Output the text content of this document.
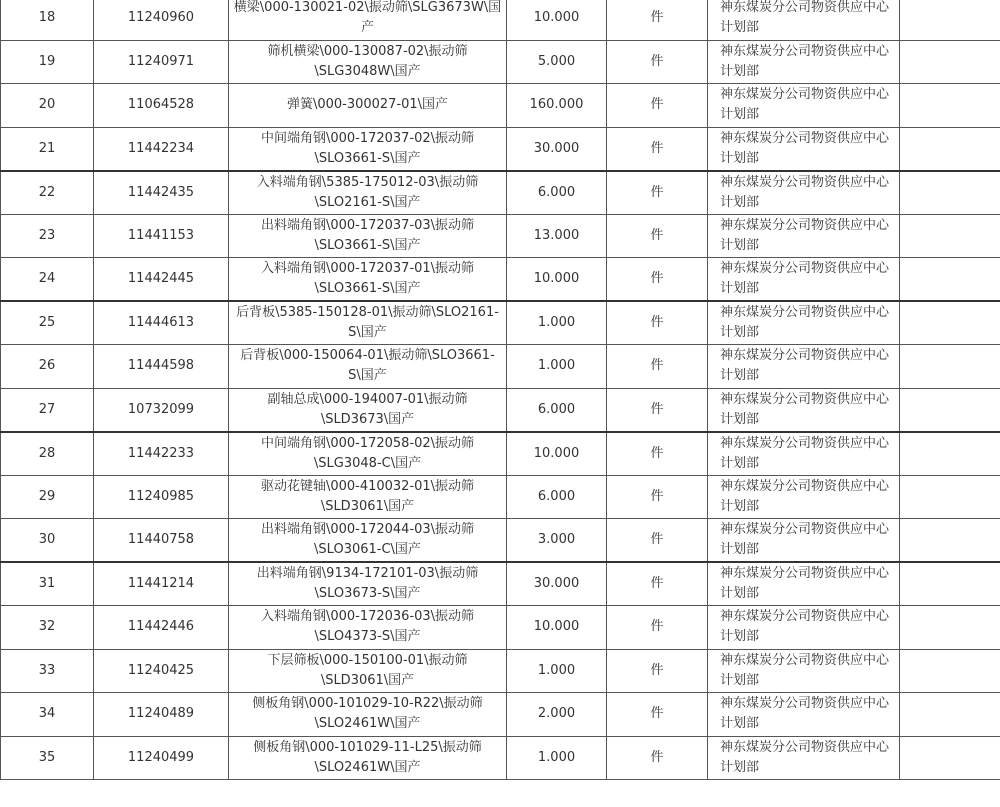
18	11240960	横梁\000-130021-02\振动筛\SLG3673W\国产	10.000	件	神东煤炭分公司物资供应中心计划部	
19	11240971	筛机横梁\000-130087-02\振动筛\SLG3048W\国产	5.000	件	神东煤炭分公司物资供应中心计划部	
20	11064528	弹簧\000-300027-01\国产	160.000	件	神东煤炭分公司物资供应中心计划部	
21	11442234	中间端角钢\000-172037-02\振动筛\SLO3661-S\国产	30.000	件	神东煤炭分公司物资供应中心计划部	
22	11442435	入料端角钢\5385-175012-03\振动筛\SLO2161-S\国产	6.000	件	神东煤炭分公司物资供应中心计划部	
23	11441153	出料端角钢\000-172037-03\振动筛\SLO3661-S\国产	13.000	件	神东煤炭分公司物资供应中心计划部	
24	11442445	入料端角钢\000-172037-01\振动筛\SLO3661-S\国产	10.000	件	神东煤炭分公司物资供应中心计划部	
25	11444613	后背板\5385-150128-01\振动筛\SLO2161-S\国产	1.000	件	神东煤炭分公司物资供应中心计划部	
26	11444598	后背板\000-150064-01\振动筛\SLO3661-S\国产	1.000	件	神东煤炭分公司物资供应中心计划部	
27	10732099	副轴总成\000-194007-01\振动筛\SLD3673\国产	6.000	件	神东煤炭分公司物资供应中心计划部	
28	11442233	中间端角钢\000-172058-02\振动筛\SLG3048-C\国产	10.000	件	神东煤炭分公司物资供应中心计划部	
29	11240985	驱动花键轴\000-410032-01\振动筛\SLD3061\国产	6.000	件	神东煤炭分公司物资供应中心计划部	
30	11440758	出料端角钢\000-172044-03\振动筛\SLO3061-C\国产	3.000	件	神东煤炭分公司物资供应中心计划部	
31	11441214	出料端角钢\9134-172101-03\振动筛\SLO3673-S\国产	30.000	件	神东煤炭分公司物资供应中心计划部	
32	11442446	入料端角钢\000-172036-03\振动筛\SLO4373-S\国产	10.000	件	神东煤炭分公司物资供应中心计划部	
33	11240425	下层筛板\000-150100-01\振动筛\SLD3061\国产	1.000	件	神东煤炭分公司物资供应中心计划部	
34	11240489	侧板角钢\000-101029-10-R22\振动筛\SLO2461W\国产	2.000	件	神东煤炭分公司物资供应中心计划部	
35	11240499	侧板角钢\000-101029-11-L25\振动筛\SLO2461W\国产	1.000	件	神东煤炭分公司物资供应中心计划部	
